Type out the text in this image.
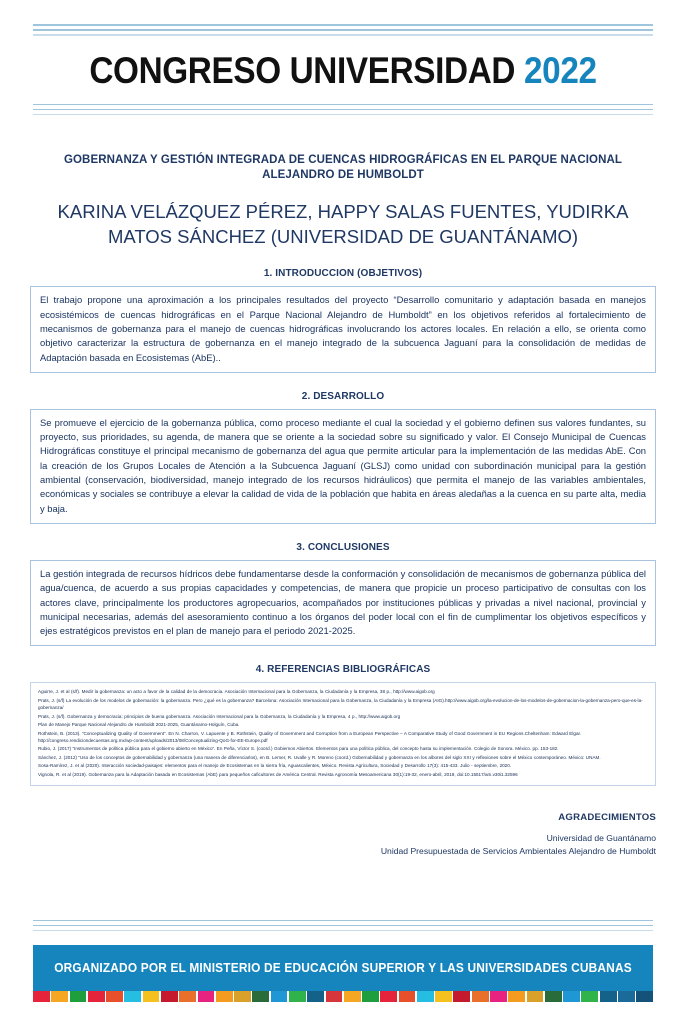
CONGRESO UNIVERSIDAD 2022
GOBERNANZA Y GESTIÓN INTEGRADA DE CUENCAS HIDROGRÁFICAS EN EL PARQUE NACIONAL ALEJANDRO DE HUMBOLDT
KARINA VELÁZQUEZ PÉREZ, HAPPY SALAS FUENTES, YUDIRKA MATOS SÁNCHEZ (UNIVERSIDAD DE GUANTÁNAMO)
1. INTRODUCCION (OBJETIVOS)
El trabajo propone una aproximación a los principales resultados del proyecto “Desarrollo comunitario y adaptación basada en manejos ecosistémicos de cuencas hidrográficas en el Parque Nacional Alejandro de Humboldt” en los objetivos referidos al fortalecimiento de mecanismos de gobernanza para el manejo de cuencas hidrográficas involucrando los actores locales. En relación a ello, se orienta como objetivo caracterizar la estructura de gobernanza en el manejo integrado de la subcuenca Jaguaní para la consolidación de medidas de Adaptación basada en Ecosistemas (AbE)..
2. DESARROLLO
Se promueve el ejercicio de la gobernanza pública, como proceso mediante el cual la sociedad y el gobierno definen sus valores fundantes, su proyecto, sus prioridades, su agenda, de manera que se oriente a la sociedad sobre su significado y valor. El Consejo Municipal de Cuencas Hidrográficas constituye el principal mecanismo de gobernanza del agua que permite articular para la implementación de las medidas AbE. Con la creación de los Grupos Locales de Atención a la Subcuenca Jaguaní (GLSJ) como unidad con subordinación municipal para la gestión ambiental (conservación, biodiversidad, manejo integrado de los recursos hidráulicos) que permita el manejo de las variables ambientales, económicas y sociales se contribuye a elevar la calidad de vida de la población que habita en áreas aledañas a la cuenca en su parte alta, media y baja.
3. CONCLUSIONES
La gestión integrada de recursos hídricos debe fundamentarse desde la conformación y consolidación de mecanismos de gobernanza pública del agua/cuenca, de acuerdo a sus propias capacidades y competencias, de manera que propicie un proceso participativo de consultas con los actores clave, principalmente los productores agropecuarios, acompañados por instituciones públicas y privadas a nivel nacional, provincial y municipal necesarias, además del asesoramiento continuo a los órganos del poder local con el fin de cumplimentar los objetivos específicos y ejes estratégicos previstos en el plan de manejo para el periodo 2021-2025.
4. REFERENCIAS BIBLIOGRÁFICAS
Aguirre, J. et al (s/f). Medir la gobernanza: un acto a favor de la calidad de la democracia. Asociación Internacional para la Gobernanza, la Ciudadanía y la Empresa, 38 p., http://www.aigob.org
Prats, J. (s/f) La evolución de los modelos de gobernación: la gobernanza. Pero ¿qué es la gobernanza? Barcelona: Asociación Internacional para la Gobernanza, la Ciudadanía y la Empresa (AIG).http://www.aigob.org/la-evolucion-de-los-modelos-de-gobernacion-la-gobernanza-pero-que-es-la-gobernanza/
Prats, J. (s/f). Gobernanza y democracia: principios de buena gobernanza. Asociación Internacional para la Gobernanza, la Ciudadanía y la Empresa, 4 p., http://www.aigob.org
Plan de Manejo Parque Nacional Alejandro de Humboldt 2021-2025, Guantánamo-Holguín, Cuba.
Rothstein, B. (2013). “Conceptualizing Quality of Government”. En N. Charron, V. Lapuente y B. Rothstein, Quality of Government and Corruption from a European Perspective – A Comparative Study of Good Government in EU Regions.Cheltenham: Edward Elgar. http://congreso.rendiciondecuentas.org.mx/wp-content/uploads/2013/08/Conceptualizing-QoG-for-EE-Europe.pdf
Rubio, J. (2017) “Instrumentos de política pública para el gobierno abierto en México”. En Peña, Víctor S. (coord.) Gobiernos Abiertos. Elementos para una política pública, del concepto hasta su implementación. Colegio de Sonora. México. pp. 153-182.
Sánchez, J. (2012) “Uso de los conceptos de gobernabilidad y gobernanza (una manera de diferenciarlos), en B. Lerner, R. Uvalle y R. Moreno (coord.) Gobernabilidad y gobernanza en los albores del siglo XXI y reflexiones sobre el México contemporáneo. México: UNAM.
Sosa-Ramírez, J. et al (2020). Interacción sociedad-paisajes: elementos para el manejo de Ecosistemas en la sierra fría, Aguascalientes, México. Revista Agricultura, Sociedad y Desarrollo 17(3): 415-433. Julio - septiembre, 2020.
Vignola, R. et al (2019). Gobernanza para la Adaptación basada en Ecosistemas (AbE) para pequeños caficultores de América Central. Revista Agronomía Mesoamericana 30(1):19-32, enero-abril, 2019, doi:10.15517/am.v30i1.32596
AGRADECIMIENTOS
Universidad de Guantánamo
Unidad Presupuestada de Servicios Ambientales Alejandro de Humboldt
ORGANIZADO POR EL MINISTERIO DE EDUCACIÓN SUPERIOR Y LAS UNIVERSIDADES CUBANAS
